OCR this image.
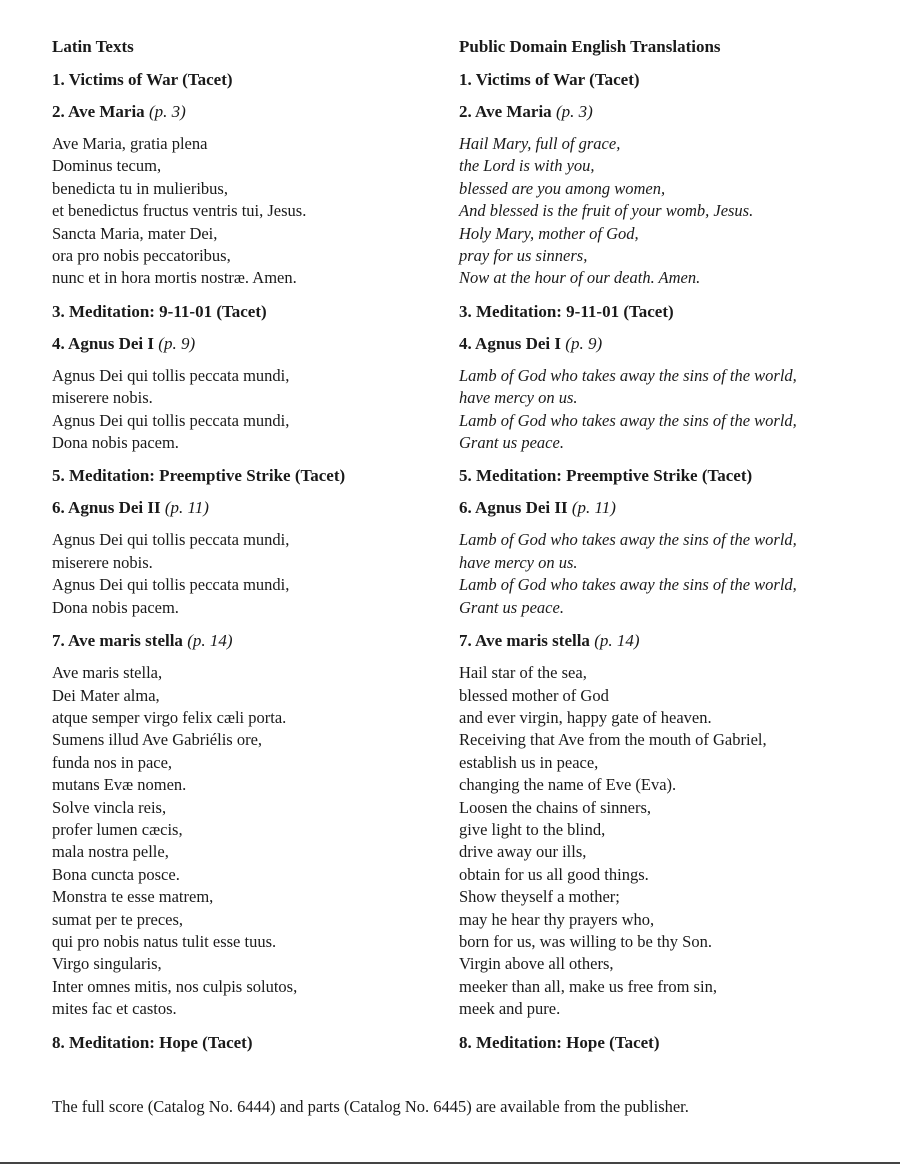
Latin Texts
1. Victims of War (Tacet)
2. Ave Maria (p. 3)
Ave Maria, gratia plena
Dominus tecum,
benedicta tu in mulieribus,
et benedictus fructus ventris tui, Jesus.
Sancta Maria, mater Dei,
ora pro nobis peccatoribus,
nunc et in hora mortis nostræ. Amen.
3. Meditation: 9-11-01 (Tacet)
4. Agnus Dei I (p. 9)
Agnus Dei qui tollis peccata mundi,
miserere nobis.
Agnus Dei qui tollis peccata mundi,
Dona nobis pacem.
5. Meditation: Preemptive Strike (Tacet)
6. Agnus Dei II (p. 11)
Agnus Dei qui tollis peccata mundi,
miserere nobis.
Agnus Dei qui tollis peccata mundi,
Dona nobis pacem.
7. Ave maris stella (p. 14)
Ave maris stella,
Dei Mater alma,
atque semper virgo felix cæli porta.
Sumens illud Ave Gabriélis ore,
funda nos in pace,
mutans Evæ nomen.
Solve vincla reis,
profer lumen cæcis,
mala nostra pelle,
Bona cuncta posce.
Monstra te esse matrem,
sumat per te preces,
qui pro nobis natus tulit esse tuus.
Virgo singularis,
Inter omnes mitis, nos culpis solutos,
mites fac et castos.
8. Meditation: Hope (Tacet)
Public Domain English Translations
1. Victims of War (Tacet)
2. Ave Maria (p. 3)
Hail Mary, full of grace,
the Lord is with you,
blessed are you among women,
And blessed is the fruit of your womb, Jesus.
Holy Mary, mother of God,
pray for us sinners,
Now at the hour of our death. Amen.
3. Meditation: 9-11-01 (Tacet)
4. Agnus Dei I (p. 9)
Lamb of God who takes away the sins of the world,
have mercy on us.
Lamb of God who takes away the sins of the world,
Grant us peace.
5. Meditation: Preemptive Strike (Tacet)
6. Agnus Dei II (p. 11)
Lamb of God who takes away the sins of the world,
have mercy on us.
Lamb of God who takes away the sins of the world,
Grant us peace.
7. Ave maris stella (p. 14)
Hail star of the sea,
blessed mother of God
and ever virgin, happy gate of heaven.
Receiving that Ave from the mouth of Gabriel,
establish us in peace,
changing the name of Eve (Eva).
Loosen the chains of sinners,
give light to the blind,
drive away our ills,
obtain for us all good things.
Show theyself a mother;
may he hear thy prayers who,
born for us, was willing to be thy Son.
Virgin above all others,
meeker than all, make us free from sin,
meek and pure.
8. Meditation: Hope (Tacet)
The full score (Catalog No. 6444) and parts (Catalog No. 6445) are available from the publisher.
